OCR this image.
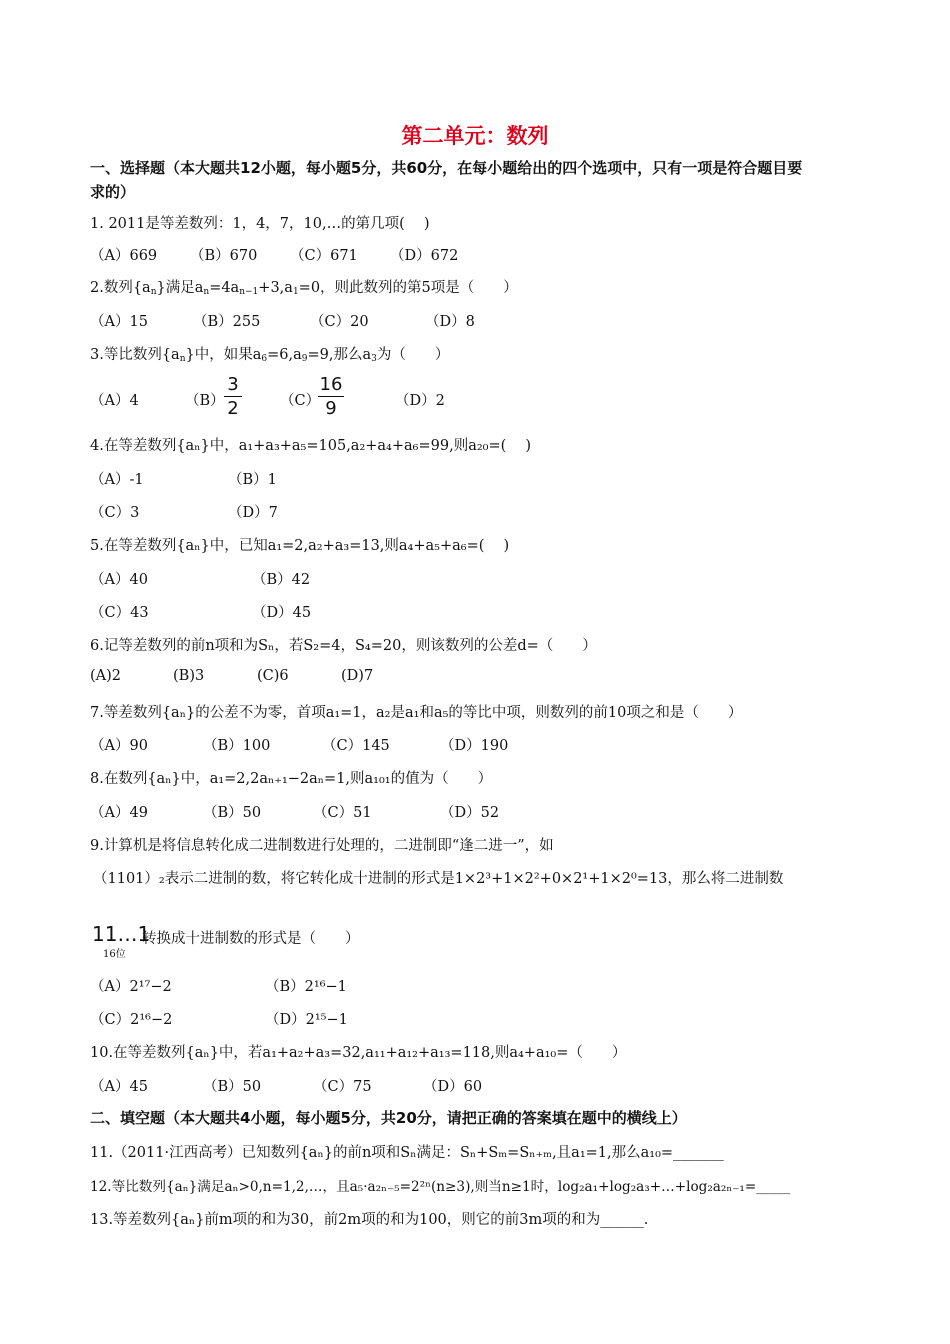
第二单元：数列
一、选择题（本大题共12小题，每小题5分，共60分，在每小题给出的四个选项中，只有一项是符合题目要
求的）
1. 2011是等差数列：1，4，7，10,…的第几项(　 )
（A）669 （B）670 （C）671 （D）672
2.数列$\{a_n\}$满足$a_n=4a_{n-1}+3,a_1=0$，则此数列的第5项是（　　）
（A）15	（B）255	（C）20	（D）8
3.等比数列$\{a_n\}$中，如果$a_6=6,a_9=9$,那么$a_3$为（　　）
（A）4	（B）
3
2	（C）
16
9	（D）2
4.在等差数列{aₙ}中，a₁+a₃+a₅=105,a₂+a₄+a₆=99,则a₂₀=(　 )
（A）-1	（B）1
（C）3	（D）7
5.在等差数列{aₙ}中，已知a₁=2,a₂+a₃=13,则a₄+a₅+a₆=(　 )
（A）40	（B）42
（C）43	（D）45
6.记等差数列的前n项和为Sₙ，若S₂=4，S₄=20，则该数列的公差d=（　　）
(A)2	(B)3	(C)6	(D)7
7.等差数列{aₙ}的公差不为零，首项a₁=1，a₂是a₁和a₅的等比中项，则数列的前10项之和是（　　）
（A）90	（B）100	（C）145	（D）190
8.在数列{aₙ}中，a₁=2,2aₙ₊₁−2aₙ=1,则a₁₀₁的值为（　　）
（A）49	（B）50	（C）51	（D）52
9.计算机是将信息转化成二进制数进行处理的，二进制即“逢二进一”，如
（1101）₂表示二进制的数，将它转化成十进制的形式是1×2³+1×2²+0×2¹+1×2⁰=13，那么将二进制数
11…1
16位
转换成十进制数的形式是（　　）
（A）2¹⁷−2	（B）2¹⁶−1
（C）2¹⁶−2	（D）2¹⁵−1
10.在等差数列{aₙ}中，若a₁+a₂+a₃=32,a₁₁+a₁₂+a₁₃=118,则a₄+a₁₀=（　　）
（A）45	（B）50	（C）75	（D）60
二、填空题（本大题共4小题，每小题5分，共20分，请把正确的答案填在题中的横线上）
11.（2011·江西高考）已知数列{aₙ}的前n项和Sₙ满足：Sₙ+Sₘ=Sₙ₊ₘ,且a₁=1,那么a₁₀=_______
12.等比数列{aₙ}满足aₙ>0,n=1,2,…，且a₅·a₂ₙ₋₅=2²ⁿ(n≥3),则当n≥1时，log₂a₁+log₂a₃+…+log₂a₂ₙ₋₁=_____
13.等差数列{aₙ}前m项的和为30，前2m项的和为100，则它的前3m项的和为______.
